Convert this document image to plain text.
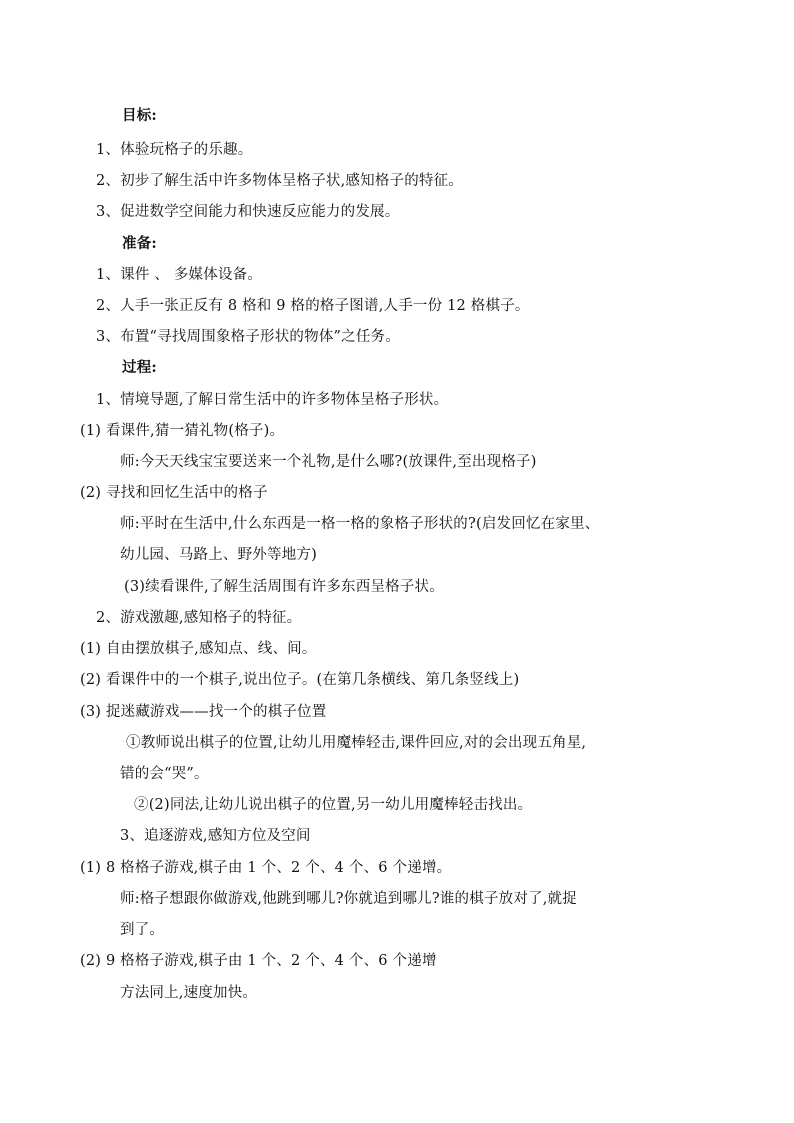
目标:
1、体验玩格子的乐趣。
2、初步了解生活中许多物体呈格子状,感知格子的特征。
3、促进数学空间能力和快速反应能力的发展。
准备:
1、课件 、 多媒体设备。
2、人手一张正反有 8 格和 9 格的格子图谱,人手一份 12 格棋子。
3、布置“寻找周围象格子形状的物体”之任务。
过程:
1、情境导题,了解日常生活中的许多物体呈格子形状。
(1) 看课件,猜一猜礼物(格子)。
师:今天天线宝宝要送来一个礼物,是什么哪?(放课件,至出现格子)
(2) 寻找和回忆生活中的格子
师:平时在生活中,什么东西是一格一格的象格子形状的?(启发回忆在家里、
幼儿园、马路上、野外等地方)
(3)续看课件,了解生活周围有许多东西呈格子状。
2、游戏激趣,感知格子的特征。
(1) 自由摆放棋子,感知点、线、间。
(2) 看课件中的一个棋子,说出位子。(在第几条横线、第几条竖线上)
(3) 捉迷藏游戏——找一个的棋子位置
①教师说出棋子的位置,让幼儿用魔棒轻击,课件回应,对的会出现五角星,
错的会“哭”。
②(2)同法,让幼儿说出棋子的位置,另一幼儿用魔棒轻击找出。
3、追逐游戏,感知方位及空间
(1) 8 格格子游戏,棋子由 1 个、2 个、4 个、6 个递增。
师:格子想跟你做游戏,他跳到哪儿?你就追到哪儿?谁的棋子放对了,就捉
到了。
(2) 9 格格子游戏,棋子由 1 个、2 个、4 个、6 个递增
方法同上,速度加快。
